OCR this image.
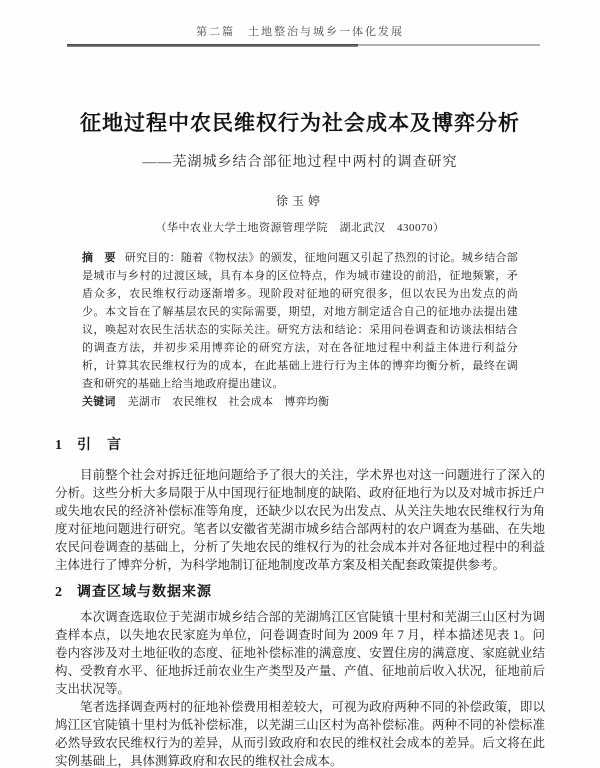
第二篇　土地整治与城乡一体化发展
征地过程中农民维权行为社会成本及博弈分析
——芜湖城乡结合部征地过程中两村的调查研究
徐玉婷
（华中农业大学土地资源管理学院　湖北武汉　430070）
摘　要 研究目的：随着《物权法》的颁发，征地问题又引起了热烈的讨论。城乡结合部是城市与乡村的过渡区域，具有本身的区位特点，作为城市建设的前沿，征地频繁，矛盾众多，农民维权行动逐渐增多。现阶段对征地的研究很多，但以农民为出发点的尚少。本文旨在了解基层农民的实际需要，期望，对地方制定适合自己的征地办法提出建议，唤起对农民生活状态的实际关注。研究方法和结论：采用问卷调查和访谈法相结合的调查方法，并初步采用博弈论的研究方法，对在各征地过程中利益主体进行利益分析，计算其农民维权行为的成本，在此基础上进行行为主体的博弈均衡分析，最终在调查和研究的基础上给当地政府提出建议。
关键词 芜湖市　农民维权　社会成本　博弈均衡
1 引　言

目前整个社会对拆迁征地问题给予了很大的关注，学术界也对这一问题进行了深入的分析。这些分析大多局限于从中国现行征地制度的缺陷、政府征地行为以及对城市拆迁户或失地农民的经济补偿标准等角度，还缺少以农民为出发点、从关注失地农民维权行为角度对征地问题进行研究。笔者以安徽省芜湖市城乡结合部两村的农户调查为基础、在失地农民问卷调查的基础上，分析了失地农民的维权行为的社会成本并对各征地过程中的利益主体进行了博弈分析，为科学地制订征地制度改革方案及相关配套政策提供参考。

2 调查区域与数据来源

本次调查选取位于芜湖市城乡结合部的芜湖鸠江区官陡镇十里村和芜湖三山区村为调查样本点，以失地农民家庭为单位，问卷调查时间为 2009 年 7 月，样本描述见表 1。问卷内容涉及对土地征收的态度、征地补偿标准的满意度、安置住房的满意度、家庭就业结构、受教育水平、征地拆迁前农业生产类型及产量、产值、征地前后收入状况，征地前后支出状况等。

笔者选择调查两村的征地补偿费用相差较大，可视为政府两种不同的补偿政策，即以鸠江区官陡镇十里村为低补偿标准，以芜湖三山区村为高补偿标准。两种不同的补偿标准必然导致农民维权行为的差异，从而引致政府和农民的维权社会成本的差异。后文将在此实例基础上，具体测算政府和农民的维权社会成本。
